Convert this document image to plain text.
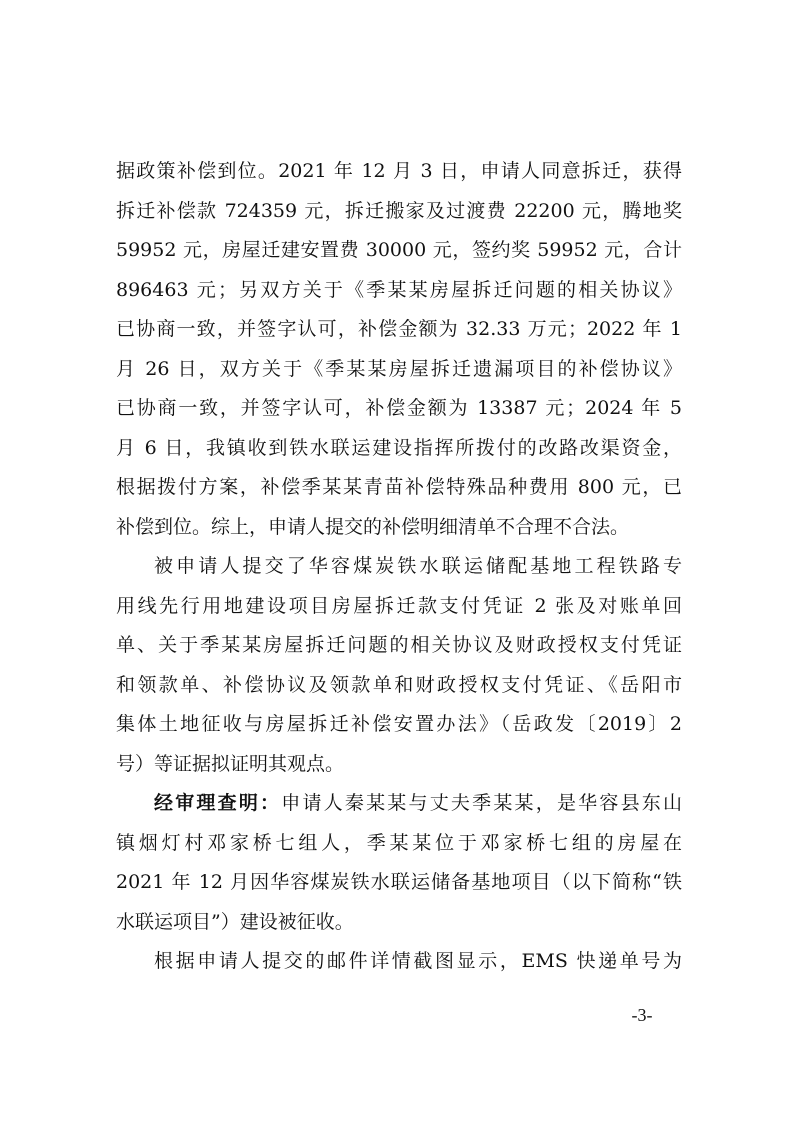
据政策补偿到位。2021 年 12 月 3 日，申请人同意拆迁，获得
拆迁补偿款 724359 元，拆迁搬家及过渡费 22200 元，腾地奖
59952 元，房屋迁建安置费 30000 元，签约奖 59952 元，合计
896463 元；另双方关于《季某某房屋拆迁问题的相关协议》
已协商一致，并签字认可，补偿金额为 32.33 万元；2022 年 1
月 26 日，双方关于《季某某房屋拆迁遗漏项目的补偿协议》
已协商一致，并签字认可，补偿金额为 13387 元；2024 年 5
月 6 日，我镇收到铁水联运建设指挥所拨付的改路改渠资金，
根据拨付方案，补偿季某某青苗补偿特殊品种费用 800 元，已
补偿到位。综上，申请人提交的补偿明细清单不合理不合法。
被申请人提交了华容煤炭铁水联运储配基地工程铁路专
用线先行用地建设项目房屋拆迁款支付凭证 2 张及对账单回
单、关于季某某房屋拆迁问题的相关协议及财政授权支付凭证
和领款单、补偿协议及领款单和财政授权支付凭证、《岳阳市
集体土地征收与房屋拆迁补偿安置办法》（岳政发〔2019〕2
号）等证据拟证明其观点。
经审理查明：申请人秦某某与丈夫季某某，是华容县东山
镇烟灯村邓家桥七组人，季某某位于邓家桥七组的房屋在
2021 年 12 月因华容煤炭铁水联运储备基地项目（以下简称“铁
水联运项目”）建设被征收。
根据申请人提交的邮件详情截图显示，EMS 快递单号为
-3-
